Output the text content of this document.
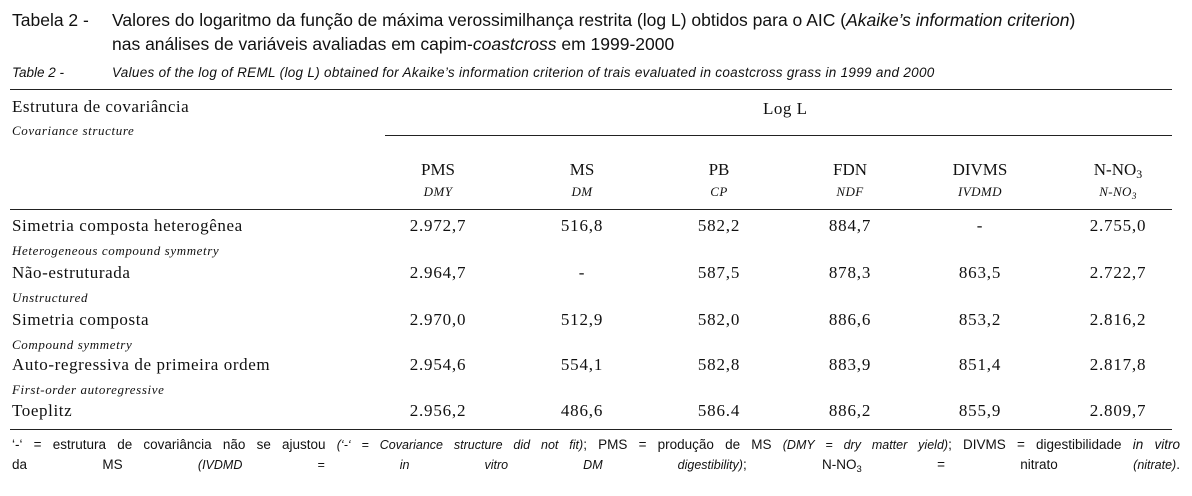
Tabela 2 - Valores do logaritmo da função de máxima verossimilhança restrita (log L) obtidos para o AIC (Akaike’s information criterion)
nas análises de variáveis avaliadas em capim-coastcross em 1999-2000
Table 2 -	Values of the log of REML (log L) obtained for Akaike’s information criterion of trais evaluated in coastcross grass in 1999 and 2000
Estrutura de covariância
Covariance structure
Log L
PMS
DMY
MS
DM
PB
CP
FDN
NDF
DIVMS
IVDMD
$N-NO_3$
$N-NO_3$
Simetria composta heterogênea
Heterogeneous compound symmetry
2.972,7	516,8	582,2	884,7	-	2.755,0
Não-estruturada
Unstructured
2.964,7	-	587,5	878,3	863,5	2.722,7
Simetria composta
Compound symmetry
2.970,0	512,9	582,0	886,6	853,2	2.816,2
Auto-regressiva de primeira ordem
First-order autoregressive
2.954,6	554,1	582,8	883,9	851,4	2.817,8
Toeplitz	2.956,2	486,6	586.4	886,2	855,9	2.809,7
‘-‘ = estrutura de covariância não se ajustou (‘-‘ = Covariance structure did not fit); PMS = produção de MS (DMY = dry matter yield); DIVMS = digestibilidade in vitro
da MS	(IVDMD = in vitro DM digestibility); $N-NO_3$ = nitrato	(nitrate).
